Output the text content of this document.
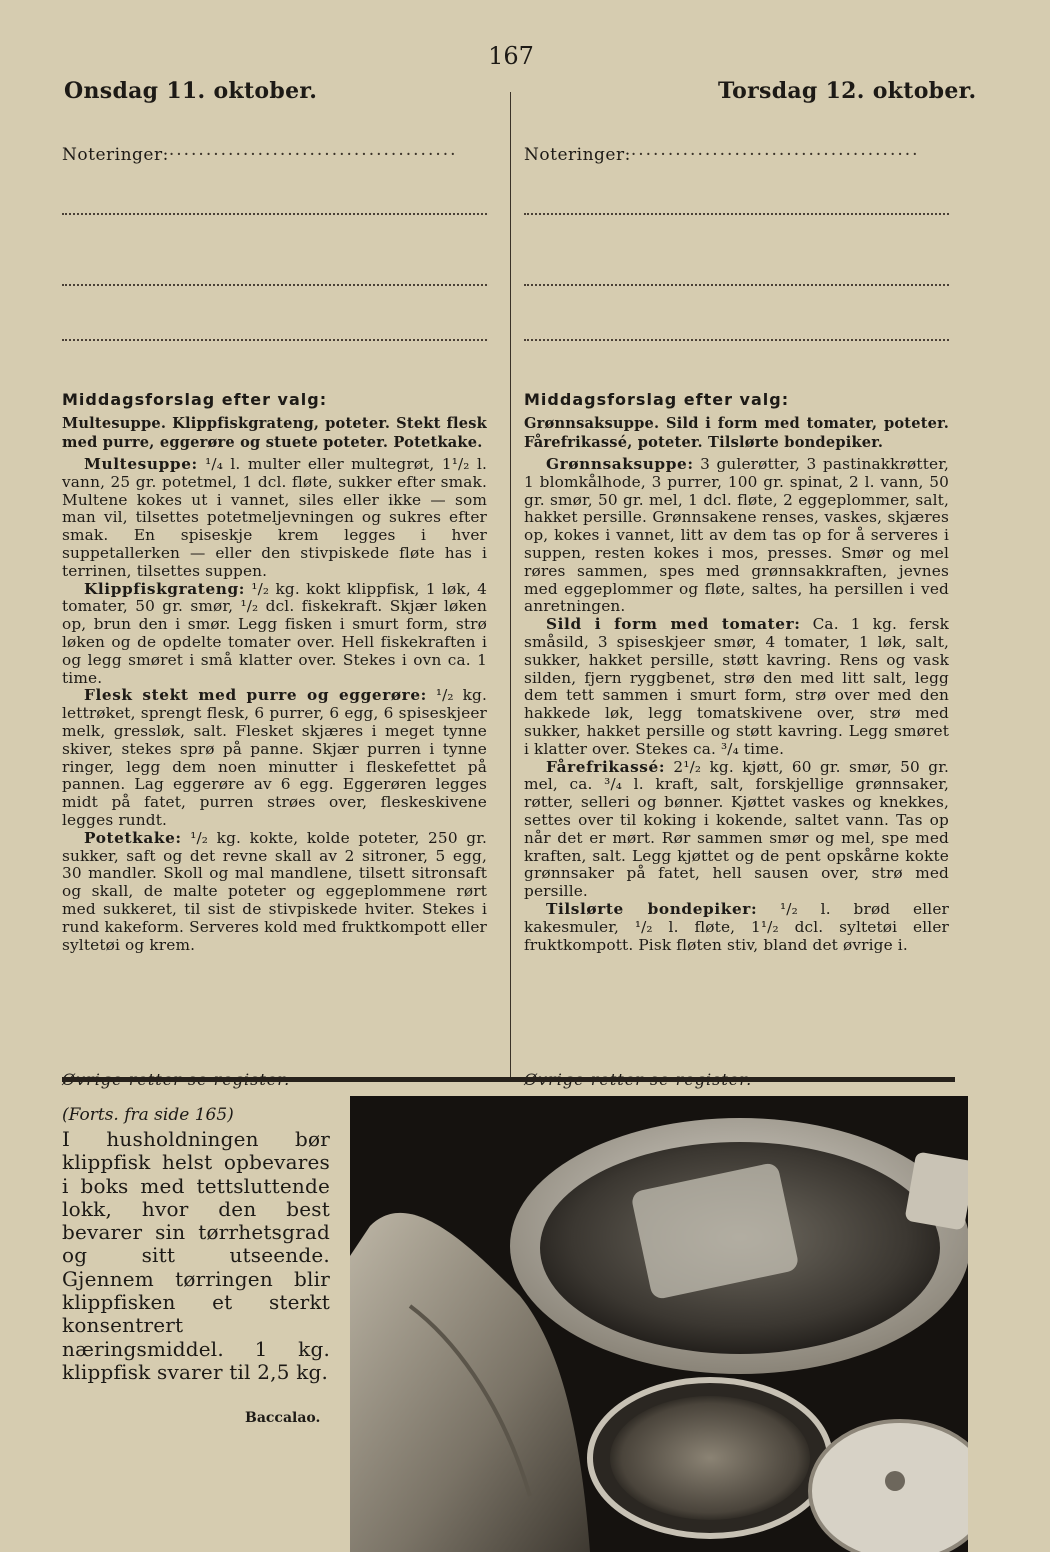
167
Onsdag 11. oktober.	Torsdag 12. oktober.
Noteringer:·······································
Middagsforslag efter valg:
Multesuppe. Klippfiskgrateng, poteter. Stekt flesk med purre, eggerøre og stuete poteter. Potetkake.

Multesuppe: ¹/₄ l. multer eller multegrøt, 1¹/₂ l. vann, 25 gr. potetmel, 1 dcl. fløte, sukker efter smak. Multene kokes ut i vannet, siles eller ikke — som man vil, tilsettes potetmeljevningen og sukres efter smak. En spiseskje krem legges i hver suppetallerken — eller den stivpiskede fløte has i terrinen, tilsettes suppen.

Klippfiskgrateng: ¹/₂ kg. kokt klippfisk, 1 løk, 4 tomater, 50 gr. smør, ¹/₂ dcl. fiskekraft. Skjær løken op, brun den i smør. Legg fisken i smurt form, strø løken og de opdelte tomater over. Hell fiskekraften i og legg smøret i små klatter over. Stekes i ovn ca. 1 time.

Flesk stekt med purre og eggerøre: ¹/₂ kg. lettrøket, sprengt flesk, 6 purrer, 6 egg, 6 spiseskjeer melk, gressløk, salt. Flesket skjæres i meget tynne skiver, stekes sprø på panne. Skjær purren i tynne ringer, legg dem noen minutter i fleskefettet på pannen. Lag eggerøre av 6 egg. Eggerøren legges midt på fatet, purren strøes over, fleskeskivene legges rundt.

Potetkake: ¹/₂ kg. kokte, kolde poteter, 250 gr. sukker, saft og det revne skall av 2 sitroner, 5 egg, 30 mandler. Skoll og mal mandlene, tilsett sitronsaft og skall, de malte poteter og eggeplommene rørt med sukkeret, til sist de stivpiskede hviter. Stekes i rund kakeform. Serveres kold med fruktkompott eller syltetøi og krem.

Noteringer:·······································
Middagsforslag efter valg:
Grønnsaksuppe. Sild i form med tomater, poteter. Fårefrikassé, poteter. Tilslørte bondepiker.

Grønnsaksuppe: 3 gulerøtter, 3 pastinakkrøtter, 1 blomkålhode, 3 purrer, 100 gr. spinat, 2 l. vann, 50 gr. smør, 50 gr. mel, 1 dcl. fløte, 2 eggeplommer, salt, hakket persille. Grønnsakene renses, vaskes, skjæres op, kokes i vannet, litt av dem tas op for å serveres i suppen, resten kokes i mos, presses. Smør og mel røres sammen, spes med grønnsakkraften, jevnes med eggeplommer og fløte, saltes, ha persillen i ved anretningen.

Sild i form med tomater: Ca. 1 kg. fersk småsild, 3 spiseskjeer smør, 4 tomater, 1 løk, salt, sukker, hakket persille, støtt kavring. Rens og vask silden, fjern ryggbenet, strø den med litt salt, legg dem tett sammen i smurt form, strø over med den hakkede løk, legg tomatskivene over, strø med sukker, hakket persille og støtt kavring. Legg smøret i klatter over. Stekes ca. ³/₄ time.

Fårefrikassé: 2¹/₂ kg. kjøtt, 60 gr. smør, 50 gr. mel, ca. ³/₄ l. kraft, salt, forskjellige grønnsaker, røtter, selleri og bønner. Kjøttet vaskes og knekkes, settes over til koking i kokende, saltet vann. Tas op når det er mørt. Rør sammen smør og mel, spe med kraften, salt. Legg kjøttet og de pent opskårne kokte grønnsaker på fatet, hell sausen over, strø med persille.

Tilslørte bondepiker: ¹/₂ l. brød eller kakesmuler, ¹/₂ l. fløte, 1¹/₂ dcl. syltetøi eller fruktkompott. Pisk fløten stiv, bland det øvrige i.

(Forts. fra side 165)
I husholdningen bør klippfisk helst opbevares i boks med tettsluttende lokk, hvor den best bevarer sin tørrhetsgrad og sitt utseende. Gjennem tørringen blir klippfisken et sterkt konsentrert næringsmiddel. 1 kg. klippfisk svarer til 2,5 kg.
Baccalao.
